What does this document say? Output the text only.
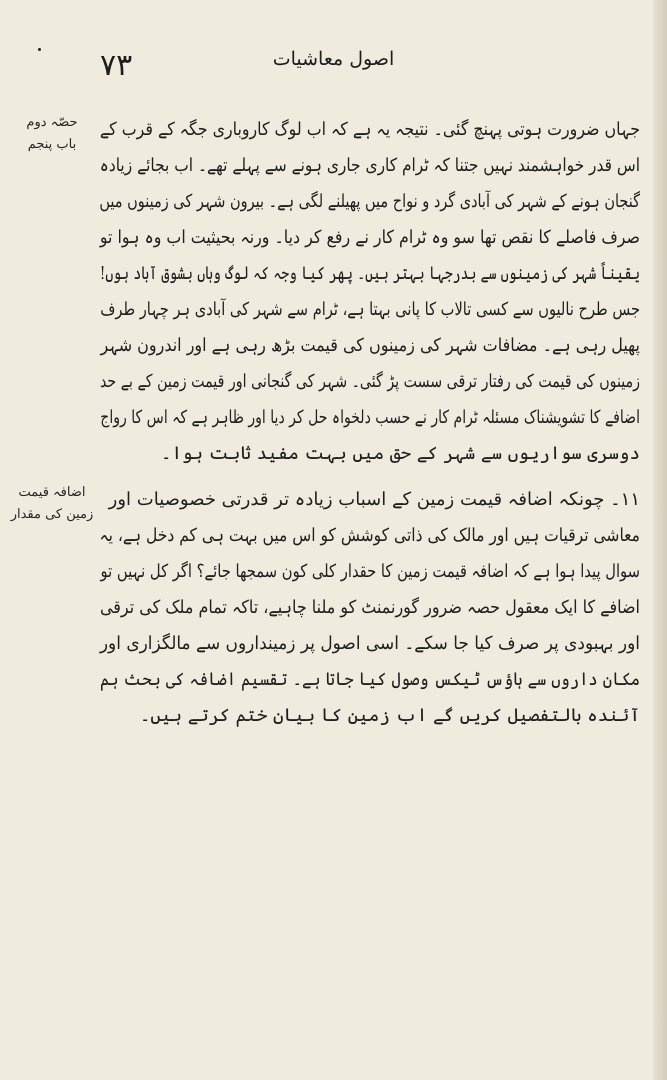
۷۳	اصول معاشیات
حصّہ دوم
باب پنجم
اضافہ قیمت
زمین کی مقدار
جہاں ضرورت ہوتی پہنچ گئی۔ نتیجہ یہ ہے کہ اب لوگ کاروباری جگہ کے قرب کے
اس قدر خواہشمند نہیں جتنا کہ ٹرام کاری جاری ہونے سے پہلے تھے۔ اب بجائے زیادہ
گنجان ہونے کے شہر کی آبادی گرد و نواح میں پھیلنے لگی ہے۔ بیرون شہر کی زمینوں میں
صرف فاصلے کا نقص تھا سو وہ ٹرام کار نے رفع کر دیا۔ ورنہ بحیثیت اب وہ ہوا تو
یقیناً شہر کی زمینوں سے بدرجہا بہتر ہیں۔ پھر کیا وجہ کہ لوگ وہاں بشوق آباد ہوں!
جس طرح نالیوں سے کسی تالاب کا پانی بہتا ہے، ٹرام سے شہر کی آبادی ہر چہار طرف
پھیل رہی ہے۔ مضافات شہر کی زمینوں کی قیمت بڑھ رہی ہے اور اندرون شہر
زمینوں کی قیمت کی رفتار ترقی سست پڑ گئی۔ شہر کی گنجانی اور قیمت زمین کے بے حد
اضافے کا تشویشناک مسئلہ ٹرام کار نے حسب دلخواہ حل کر دیا اور ظاہر ہے کہ اس کا رواج
دوسری سواریوں سے شہر کے حق میں بہت مفید ثابت ہوا۔
۱۱۔ چونکہ اضافہ قیمت زمین کے اسباب زیادہ تر قدرتی خصوصیات اور
معاشی ترقیات ہیں اور مالک کی ذاتی کوشش کو اس میں بہت ہی کم دخل ہے، یہ
سوال پیدا ہوا ہے کہ اضافہ قیمت زمین کا حقدار کلی کون سمجھا جائے؟ اگر کل نہیں تو
اضافے کا ایک معقول حصہ ضرور گورنمنٹ کو ملنا چاہیے، تاکہ تمام ملک کی ترقی
اور بہبودی پر صرف کیا جا سکے۔ اسی اصول پر زمینداروں سے مالگزاری اور
مکان داروں سے ہاؤس ٹیکس وصول کیا جاتا ہے۔ تقسیم اضافہ کی بحث ہم
آئندہ بالتفصیل کریں گے اب زمین کا بیان ختم کرتے ہیں۔
